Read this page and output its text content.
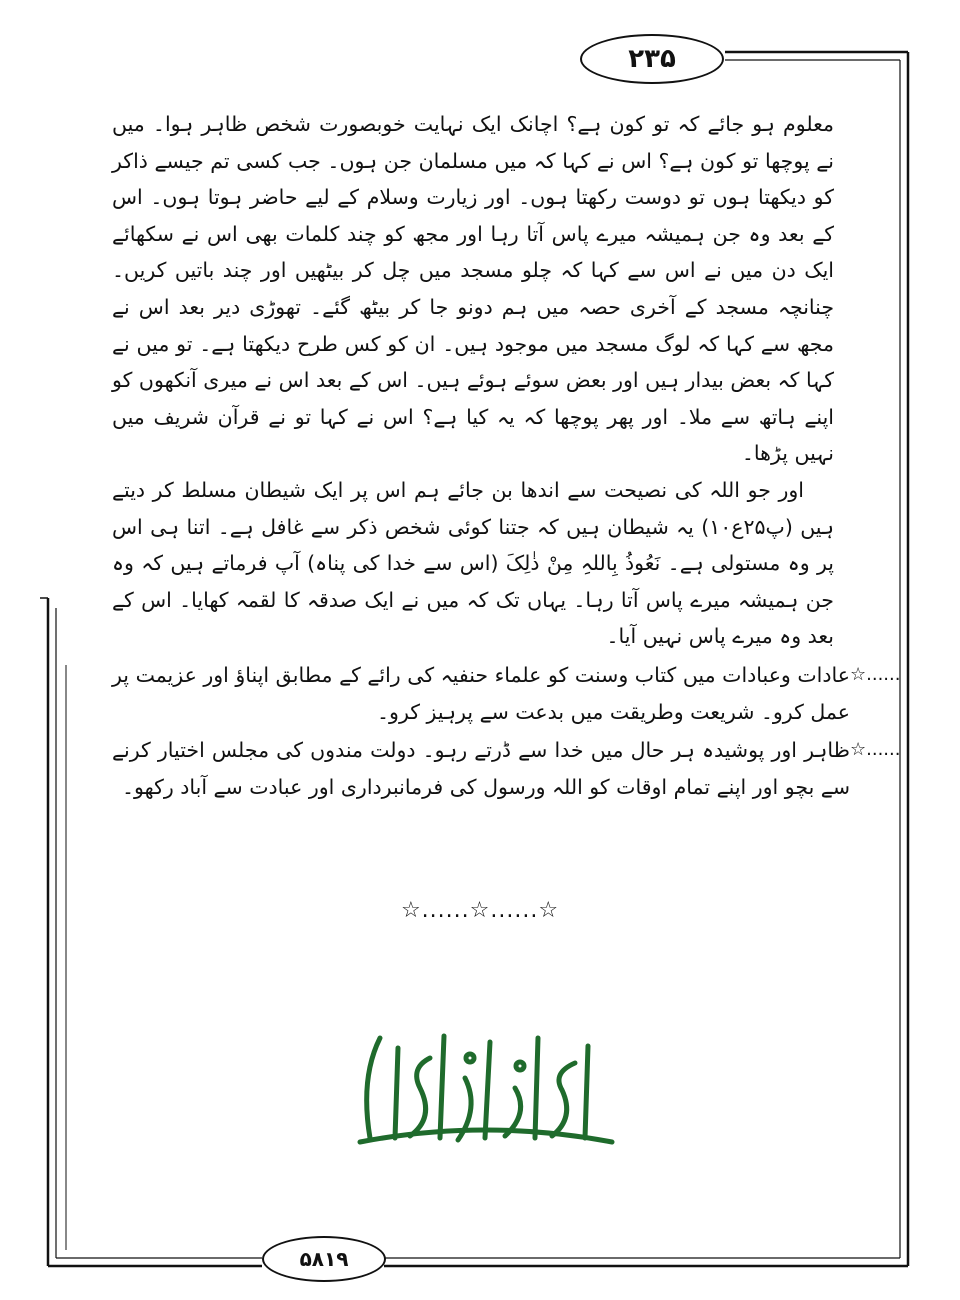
۲۳۵

معلوم ہو جائے کہ تو کون ہے؟ اچانک ایک نہایت خوبصورت شخص ظاہر ہوا۔ میں نے پوچھا تو کون ہے؟ اس نے کہا کہ میں مسلمان جن ہوں۔ جب کسی تم جیسے ذاکر کو دیکھتا ہوں تو دوست رکھتا ہوں۔ اور زیارت وسلام کے لیے حاضر ہوتا ہوں۔ اس کے بعد وہ جن ہمیشہ میرے پاس آتا رہا اور مجھ کو چند کلمات بھی اس نے سکھائے ایک دن میں نے اس سے کہا کہ چلو مسجد میں چل کر بیٹھیں اور چند باتیں کریں۔ چنانچہ مسجد کے آخری حصہ میں ہم دونو جا کر بیٹھ گئے۔ تھوڑی دیر بعد اس نے مجھ سے کہا کہ لوگ مسجد میں موجود ہیں۔ ان کو کس طرح دیکھتا ہے۔ تو میں نے کہا کہ بعض بیدار ہیں اور بعض سوئے ہوئے ہیں۔ اس کے بعد اس نے میری آنکھوں کو اپنے ہاتھ سے ملا۔ اور پھر پوچھا کہ یہ کیا ہے؟ اس نے کہا تو نے قرآن شریف میں نہیں پڑھا۔

اور جو اللہ کی نصیحت سے اندھا بن جائے ہم اس پر ایک شیطان مسلط کر دیتے ہیں (پ۲۵ع۱۰) یہ شیطان ہیں کہ جتنا کوئی شخص ذکر سے غافل ہے۔ اتنا ہی اس پر وہ مستولی ہے۔ نَعُوذُ بِاللہِ مِنْ ذٰلِکَ (اس سے خدا کی پناہ) آپ فرماتے ہیں کہ وہ جن ہمیشہ میرے پاس آتا رہا۔ یہاں تک کہ میں نے ایک صدقہ کا لقمہ کھایا۔ اس کے بعد وہ میرے پاس نہیں آیا۔

☆......
عادات وعبادات میں کتاب وسنت کو علماء حنفیہ کی رائے کے مطابق اپناؤ اور عزیمت پر عمل کرو۔ شریعت وطریقت میں بدعت سے پرہیز کرو۔
☆......
ظاہر اور پوشیدہ ہر حال میں خدا سے ڈرتے رہو۔ دولت مندوں کی مجلس اختیار کرنے سے بچو اور اپنے تمام اوقات کو اللہ ورسول کی فرمانبرداری اور عبادت سے آباد رکھو۔
☆......☆......☆
۵۸۱۹
